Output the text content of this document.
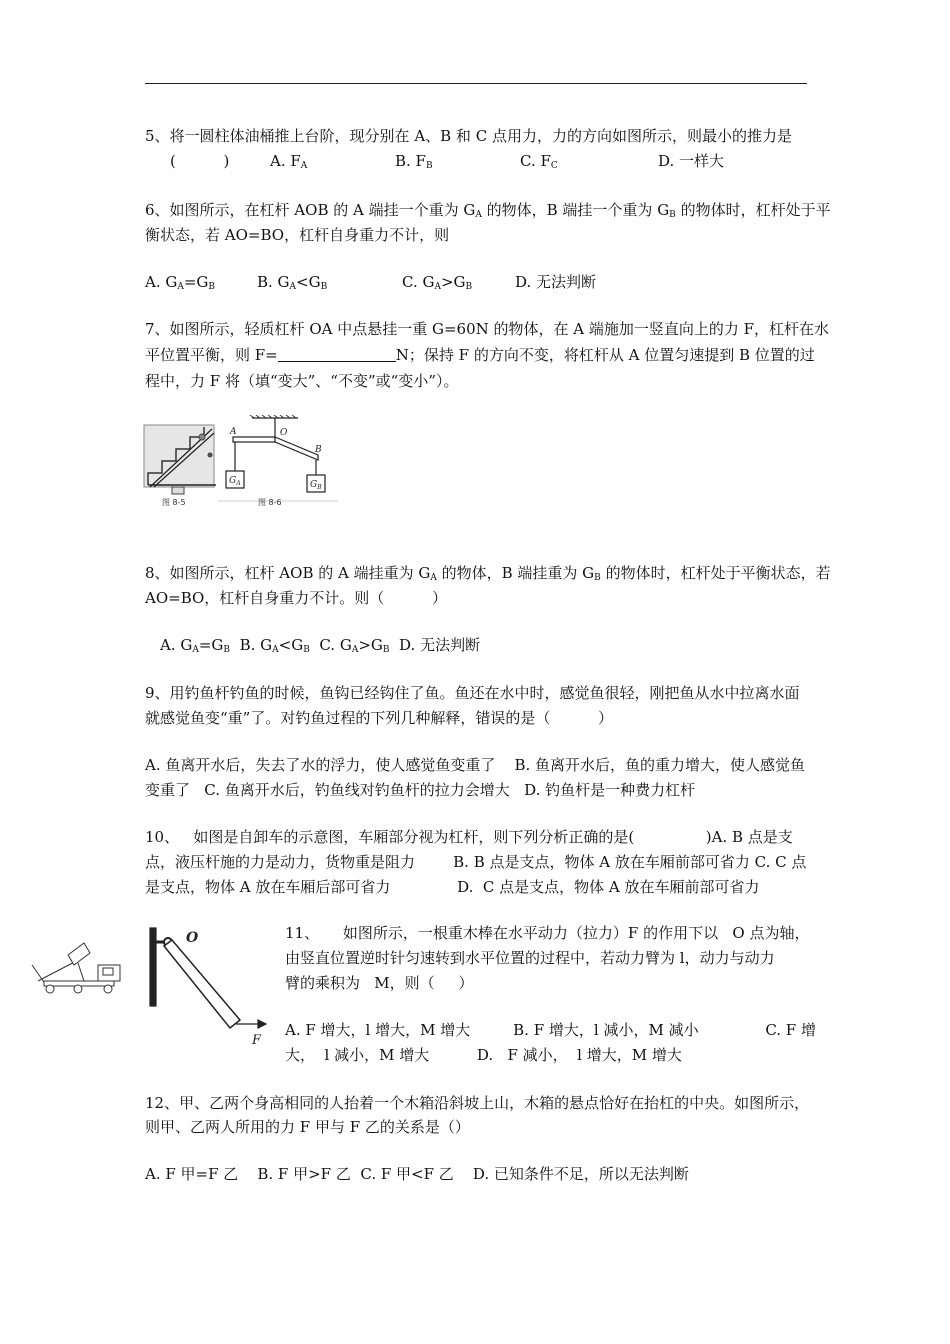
5、将一圆柱体油桶推上台阶，现分别在 A、B 和 C 点用力，力的方向如图所示，则最小的推力是
(          )	A. $F_A$	B. $F_B$	C. $F_C$	D. 一样大
6、如图所示，在杠杆 AOB 的 A 端挂一个重为 $G_A$ 的物体，B 端挂一个重为 $G_B$ 的物体时，杠杆处于平
衡状态，若 AO=BO，杠杆自身重力不计，则
A. $G_A=G_B$	B. $G_A<G_B$	C. $G_A>G_B$	D. 无法判断
7、如图所示，轻质杠杆 OA 中点悬挂一重 G=60N 的物体，在 A 端施加一竖直向上的力 F，杠杆在水
平位置平衡，则 F=	N；保持 F 的方向不变，将杠杆从 A 位置匀速提到 B 位置的过
程中，力 F 将（填“变大”、“不变”或“变小”）。
图 8-5
A	O
B
$G_A$	$G_B$
图 8-6
8、如图所示，杠杆 AOB 的 A 端挂重为 $G_A$ 的物体，B 端挂重为 $G_B$ 的物体时，杠杆处于平衡状态，若
AO=BO，杠杆自身重力不计。则（          ）
A. $G_A=G_B$  B. $G_A<G_B$  C. $G_A>G_B$  D. 无法判断
9、用钓鱼杆钓鱼的时候，鱼钩已经钩住了鱼。鱼还在水中时，感觉鱼很轻，刚把鱼从水中拉离水面
就感觉鱼变“重”了。对钓鱼过程的下列几种解释，错误的是（          ）
A. 鱼离开水后，失去了水的浮力，使人感觉鱼变重了    B. 鱼离开水后，鱼的重力增大，使人感觉鱼
变重了   C. 鱼离开水后，钓鱼线对钓鱼杆的拉力会增大   D. 钓鱼杆是一种费力杠杆
10、   如图是自卸车的示意图，车厢部分视为杠杆，则下列分析正确的是(               )A. B 点是支
点，液压杆施的力是动力，货物重是阻力        B. B 点是支点，物体 A 放在车厢前部可省力 C. C 点
是支点，物体 A 放在车厢后部可省力              D.  C 点是支点，物体 A 放在车厢前部可省力
O
F
11、     如图所示，一根重木棒在水平动力（拉力）F 的作用下以   O 点为轴，
由竖直位置逆时针匀速转到水平位置的过程中，若动力臂为 l，动力与动力
臂的乘积为   M，则（     ）
A. F 增大，l 增大，M 增大         B. F 增大，l 减小，M 减小              C. F 增
大，  l 减小，M 增大          D.   F 减小，  l 增大，M 增大
12、甲、乙两个身高相同的人抬着一个木箱沿斜坡上山，木箱的悬点恰好在抬杠的中央。如图所示，
则甲、乙两人所用的力 F 甲与 F 乙的关系是（）
A. F 甲=F 乙    B. F 甲>F 乙  C. F 甲<F 乙    D. 已知条件不足，所以无法判断
